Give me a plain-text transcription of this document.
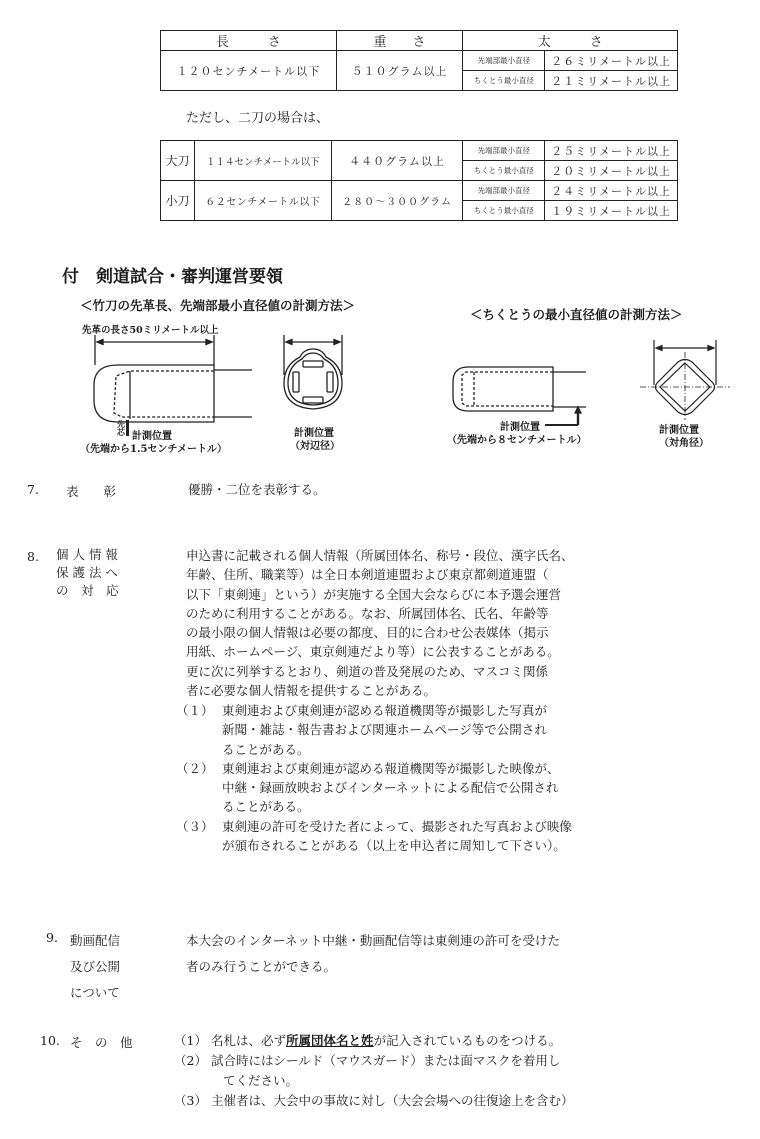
長　　　さ	重　　さ	太　　　さ	
１２０センチメートル以下	５１０グラム以上	先端部最小直径	２６ミリメートル以上
		ちくとう最小直径	２１ミリメートル以上
ただし、二刀の場合は、
大刀	１１４センチメートル以下	４４０グラム以上	先端部最小直径	２５ミリメートル以上
			ちくとう最小直径	２０ミリメートル以上
小刀	６２センチメートル以下	２８０～３００グラム	先端部最小直径	２４ミリメートル以上
			ちくとう最小直径	１９ミリメートル以上
付　剣道試合・審判運営要領
＜竹刀の先革長、先端部最小直径値の計測方法＞
先革の長さ50ミリメートル以上
先芯 計測位置
（先端から1.5センチメートル）
計測位置
（対辺径）
＜ちくとうの最小直径値の計測方法＞
計測位置
（先端から８センチメートル）
計測位置
（対角径）
7. 表　　彰	優勝・二位を表彰する。
8. 個 人 情 報
保 護 法 へ
の　対　応
申込書に記載される個人情報（所属団体名、称号・段位、漢字氏名、
年齢、住所、職業等）は全日本剣道連盟および東京都剣道連盟（
以下「東剣連」という）が実施する全国大会ならびに本予選会運営
のために利用することがある。なお、所属団体名、氏名、年齢等
の最小限の個人情報は必要の都度、目的に合わせ公表媒体（掲示
用紙、ホームページ、東京剣連だより等）に公表することがある。
更に次に列挙するとおり、剣道の普及発展のため、マスコミ関係
者に必要な個人情報を提供することがある。
（１） 東剣連および東剣連が認める報道機関等が撮影した写真が
新聞・雑誌・報告書および関連ホームページ等で公開され
ることがある。
（２） 東剣連および東剣連が認める報道機関等が撮影した映像が、
中継・録画放映およびインターネットによる配信で公開され
ることがある。
（３） 東剣連の許可を受けた者によって、撮影された写真および映像
が頒布されることがある（以上を申込者に周知して下さい）。
9. 動画配信
及び公開
について
本大会のインターネット中継・動画配信等は東剣連の許可を受けた
者のみ行うことができる。
10. そ　の　他	（1） 名札は、必ず所属団体名と姓が記入されているものをつける。
（2） 試合時にはシールド（マウスガード）または面マスクを着用し
てください。
（3） 主催者は、大会中の事故に対し（大会会場への往復途上を含む）
